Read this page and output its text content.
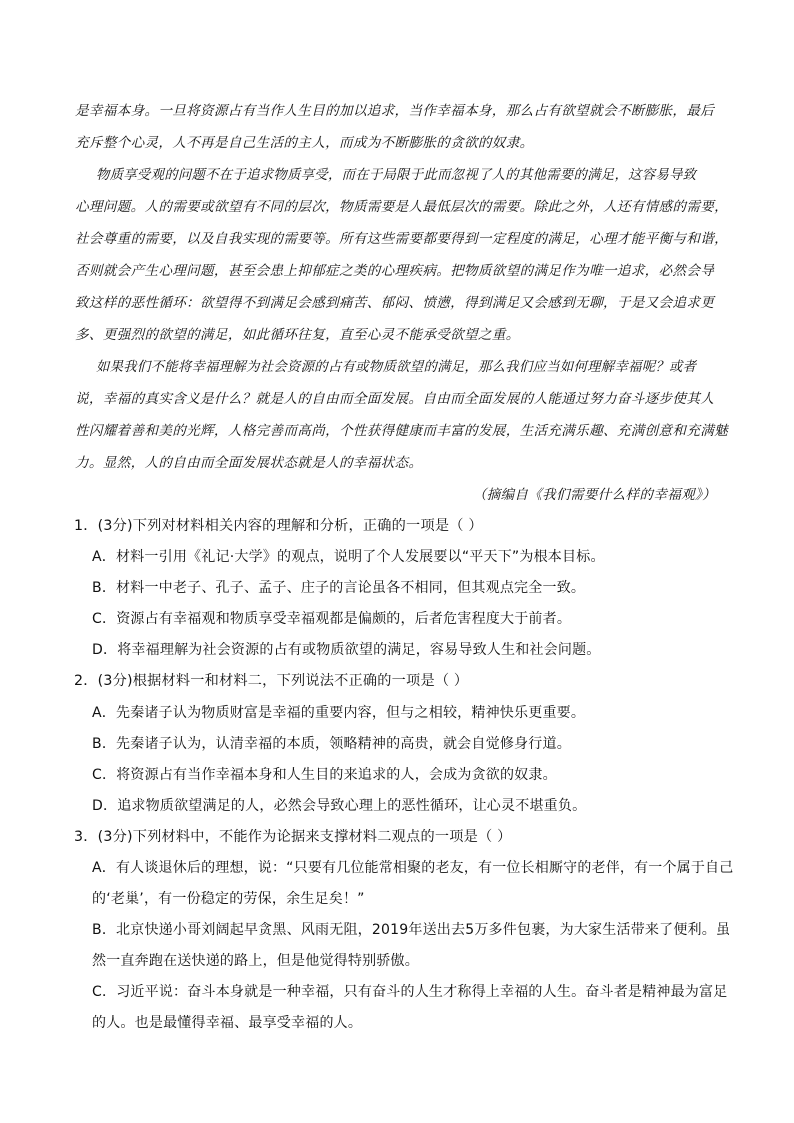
是幸福本身。一旦将资源占有当作人生目的加以追求，当作幸福本身，那么占有欲望就会不断膨胀，最后
充斥整个心灵，人不再是自己生活的主人，而成为不断膨胀的贪欲的奴隶。
物质享受观的问题不在于追求物质享受，而在于局限于此而忽视了人的其他需要的满足，这容易导致
心理问题。人的需要或欲望有不同的层次，物质需要是人最低层次的需要。除此之外，人还有情感的需要，
社会尊重的需要，以及自我实现的需要等。所有这些需要都要得到一定程度的满足，心理才能平衡与和谐，
否则就会产生心理问题，甚至会患上抑郁症之类的心理疾病。把物质欲望的满足作为唯一追求，必然会导
致这样的恶性循环：欲望得不到满足会感到痛苦、郁闷、愤懑，得到满足又会感到无聊，于是又会追求更
多、更强烈的欲望的满足，如此循环往复，直至心灵不能承受欲望之重。
如果我们不能将幸福理解为社会资源的占有或物质欲望的满足，那么我们应当如何理解幸福呢？或者
说，幸福的真实含义是什么？就是人的自由而全面发展。自由而全面发展的人能通过努力奋斗逐步使其人
性闪耀着善和美的光辉，人格完善而高尚，个性获得健康而丰富的发展，生活充满乐趣、充满创意和充满魅
力。显然，人的自由而全面发展状态就是人的幸福状态。
（摘编自《我们需要什么样的幸福观》）
1．(3分)下列对材料相关内容的理解和分析，正确的一项是（ ）
A．材料一引用《礼记·大学》的观点，说明了个人发展要以“平天下”为根本目标。
B．材料一中老子、孔子、孟子、庄子的言论虽各不相同，但其观点完全一致。
C．资源占有幸福观和物质享受幸福观都是偏颇的，后者危害程度大于前者。
D．将幸福理解为社会资源的占有或物质欲望的满足，容易导致人生和社会问题。
2．(3分)根据材料一和材料二，下列说法不正确的一项是（ ）
A．先秦诸子认为物质财富是幸福的重要内容，但与之相较，精神快乐更重要。
B．先秦诸子认为，认清幸福的本质，领略精神的高贵，就会自觉修身行道。
C．将资源占有当作幸福本身和人生目的来追求的人，会成为贪欲的奴隶。
D．追求物质欲望满足的人，必然会导致心理上的恶性循环，让心灵不堪重负。
3．(3分)下列材料中，不能作为论据来支撑材料二观点的一项是（ ）
A．有人谈退休后的理想，说：“只要有几位能常相聚的老友，有一位长相厮守的老伴，有一个属于自己
的‘老巢’，有一份稳定的劳保，余生足矣！”
B．北京快递小哥刘阔起早贪黑、风雨无阻，2019年送出去5万多件包裹，为大家生活带来了便利。虽
然一直奔跑在送快递的路上，但是他觉得特别骄傲。
C．习近平说：奋斗本身就是一种幸福，只有奋斗的人生才称得上幸福的人生。奋斗者是精神最为富足
的人。也是最懂得幸福、最享受幸福的人。
